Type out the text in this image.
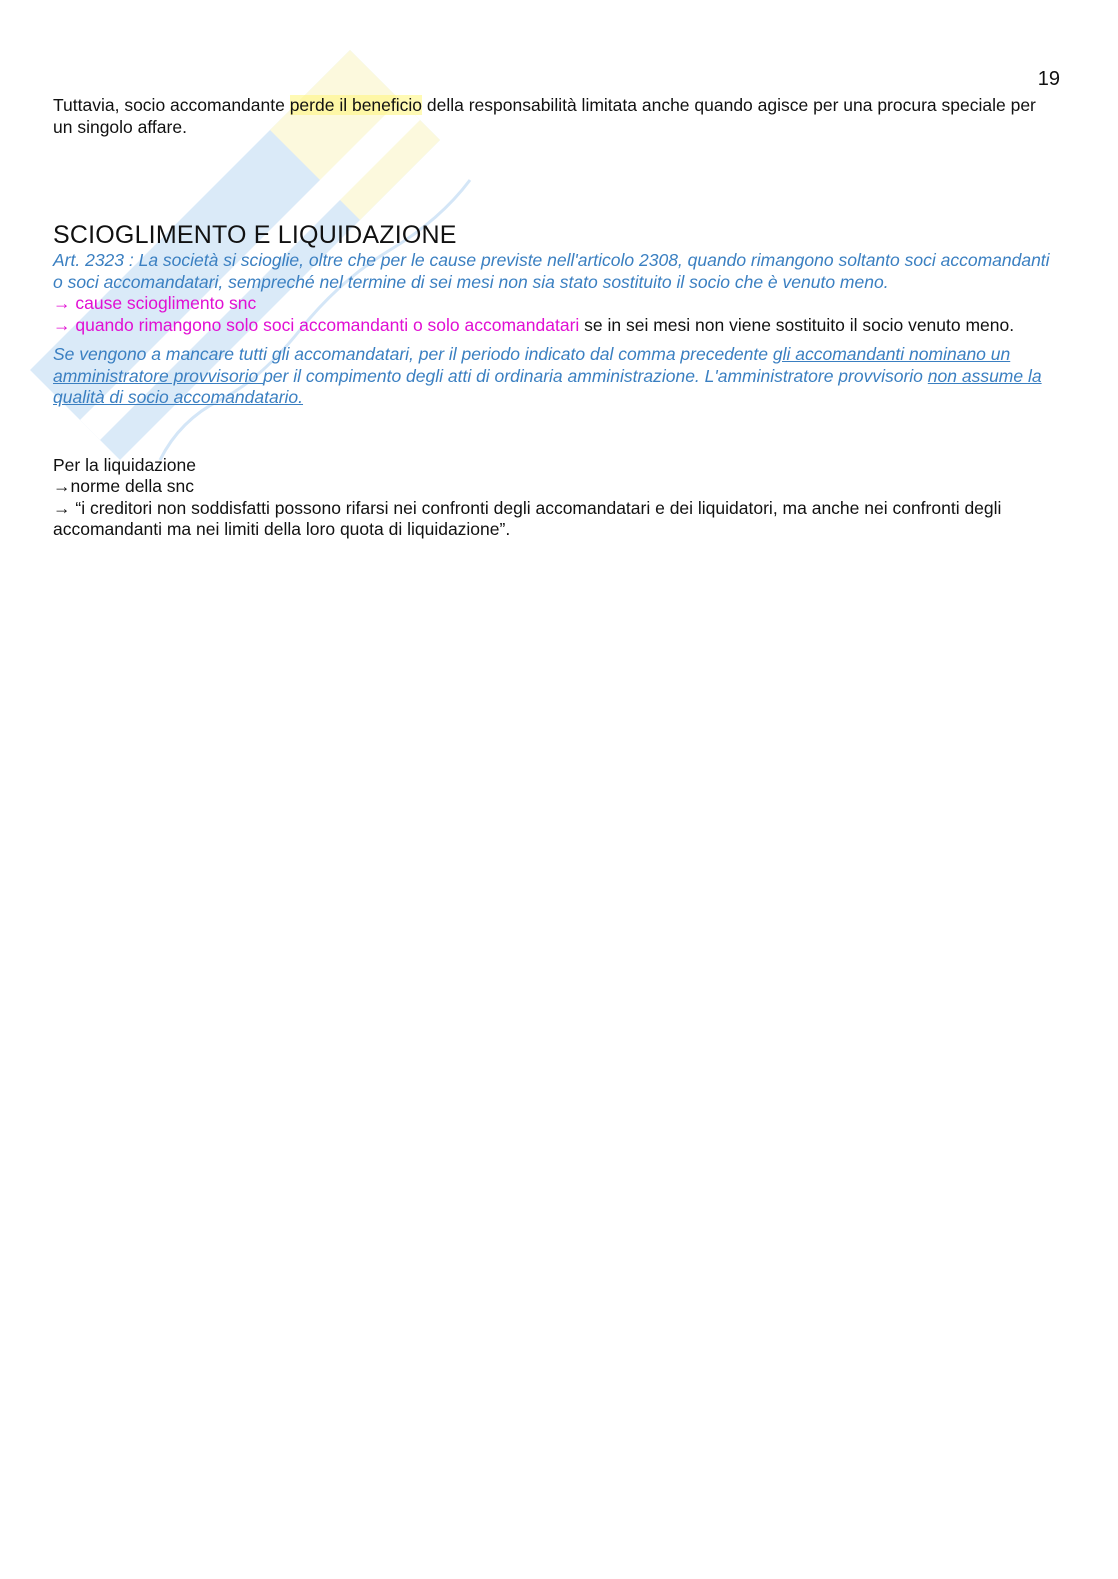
19

Tuttavia, socio accomandante perde il beneficio della responsabilità limitata anche quando agisce per una procura speciale per un singolo affare.

SCIOGLIMENTO E LIQUIDAZIONE

Art. 2323 : La società si scioglie, oltre che per le cause previste nell'articolo 2308, quando rimangono soltanto soci accomandanti o soci accomandatari, sempreché nel termine di sei mesi non sia stato sostituito il socio che è venuto meno.

→ cause scioglimento snc

→ quando rimangono solo soci accomandanti o solo accomandatari se in sei mesi non viene sostituito il socio venuto meno.

Se vengono a mancare tutti gli accomandatari, per il periodo indicato dal comma precedente gli accomandanti nominano un amministratore provvisorio per il compimento degli atti di ordinaria amministrazione. L'amministratore provvisorio non assume la qualità di socio accomandatario.

Per la liquidazione

→norme della snc

→ “i creditori non soddisfatti possono rifarsi nei confronti degli accomandatari e dei liquidatori, ma anche nei confronti degli accomandanti ma nei limiti della loro quota di liquidazione”.
